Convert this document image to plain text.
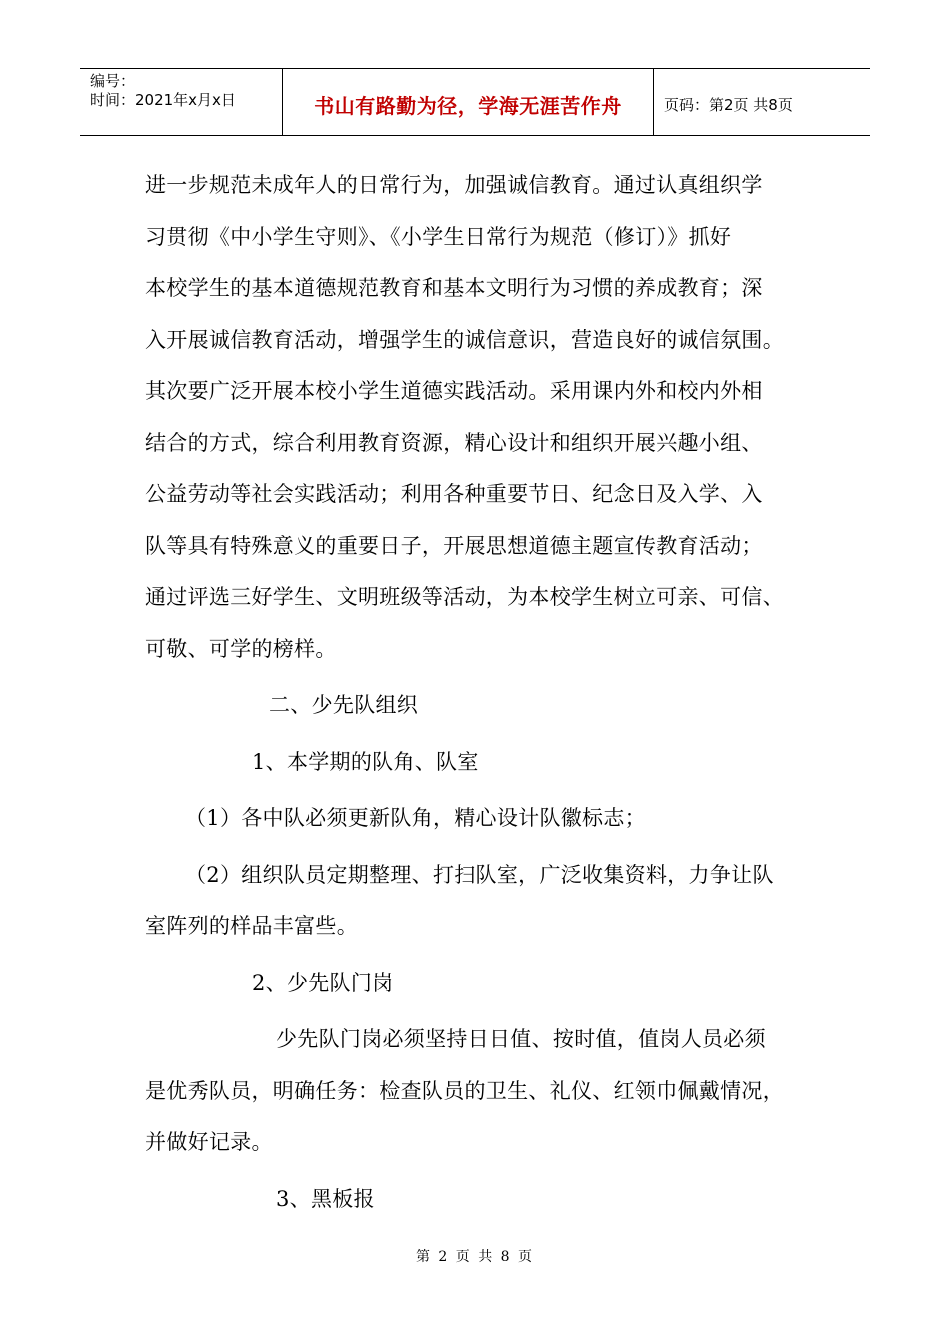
编号：
时间：2021年x月x日	书山有路勤为径，学海无涯苦作舟	页码：第2页 共8页

进一步规范未成年人的日常行为，加强诚信教育。通过认真组织学
习贯彻《中小学生守则》、《小学生日常行为规范（修订）》抓好
本校学生的基本道德规范教育和基本文明行为习惯的养成教育；深
入开展诚信教育活动，增强学生的诚信意识，营造良好的诚信氛围。
其次要广泛开展本校小学生道德实践活动。采用课内外和校内外相
结合的方式，综合利用教育资源，精心设计和组织开展兴趣小组、
公益劳动等社会实践活动；利用各种重要节日、纪念日及入学、入
队等具有特殊意义的重要日子，开展思想道德主题宣传教育活动；
通过评选三好学生、文明班级等活动，为本校学生树立可亲、可信、
可敬、可学的榜样。

二、少先队组织

1、本学期的队角、队室

（1）各中队必须更新队角，精心设计队徽标志；

（2）组织队员定期整理、打扫队室，广泛收集资料，力争让队
室阵列的样品丰富些。

2、少先队门岗

少先队门岗必须坚持日日值、按时值，值岗人员必须
是优秀队员，明确任务：检查队员的卫生、礼仪、红领巾佩戴情况，
并做好记录。

3、黑板报

第 2 页 共 8 页
